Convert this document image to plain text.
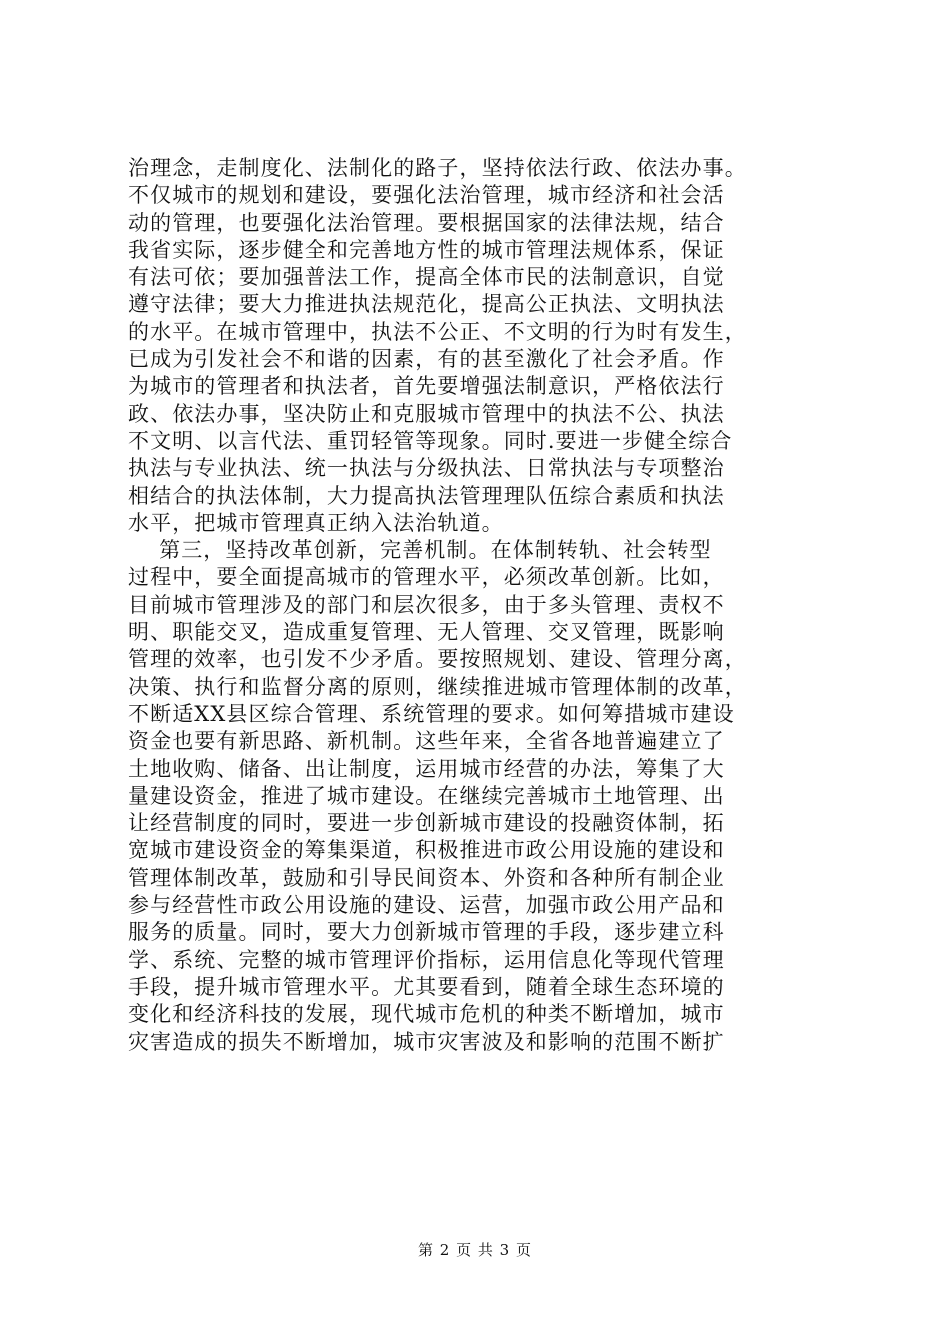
治理念，走制度化、法制化的路子，坚持依法行政、依法办事。
不仅城市的规划和建设，要强化法治管理，城市经济和社会活
动的管理，也要强化法治管理。要根据国家的法律法规，结合
我省实际，逐步健全和完善地方性的城市管理法规体系，保证
有法可依；要加强普法工作，提高全体市民的法制意识，自觉
遵守法律；要大力推进执法规范化，提高公正执法、文明执法
的水平。在城市管理中，执法不公正、不文明的行为时有发生，
已成为引发社会不和谐的因素，有的甚至激化了社会矛盾。作
为城市的管理者和执法者，首先要增强法制意识，严格依法行
政、依法办事，坚决防止和克服城市管理中的执法不公、执法
不文明、以言代法、重罚轻管等现象。同时.要进一步健全综合
执法与专业执法、统一执法与分级执法、日常执法与专项整治
相结合的执法体制，大力提高执法管理理队伍综合素质和执法
水平，把城市管理真正纳入法治轨道。
第三，坚持改革创新，完善机制。在体制转轨、社会转型
过程中，要全面提高城市的管理水平，必须改革创新。比如，
目前城市管理涉及的部门和层次很多，由于多头管理、责权不
明、职能交叉，造成重复管理、无人管理、交叉管理，既影响
管理的效率，也引发不少矛盾。要按照规划、建设、管理分离，
决策、执行和监督分离的原则，继续推进城市管理体制的改革，
不断适XX县区综合管理、系统管理的要求。如何筹措城市建设
资金也要有新思路、新机制。这些年来，全省各地普遍建立了
土地收购、储备、出让制度，运用城市经营的办法，筹集了大
量建设资金，推进了城市建设。在继续完善城市土地管理、出
让经营制度的同时，要进一步创新城市建设的投融资体制，拓
宽城市建设资金的筹集渠道，积极推进市政公用设施的建设和
管理体制改革，鼓励和引导民间资本、外资和各种所有制企业
参与经营性市政公用设施的建设、运营，加强市政公用产品和
服务的质量。同时，要大力创新城市管理的手段，逐步建立科
学、系统、完整的城市管理评价指标，运用信息化等现代管理
手段，提升城市管理水平。尤其要看到，随着全球生态环境的
变化和经济科技的发展，现代城市危机的种类不断增加，城市
灾害造成的损失不断增加，城市灾害波及和影响的范围不断扩
第 2 页 共 3 页
